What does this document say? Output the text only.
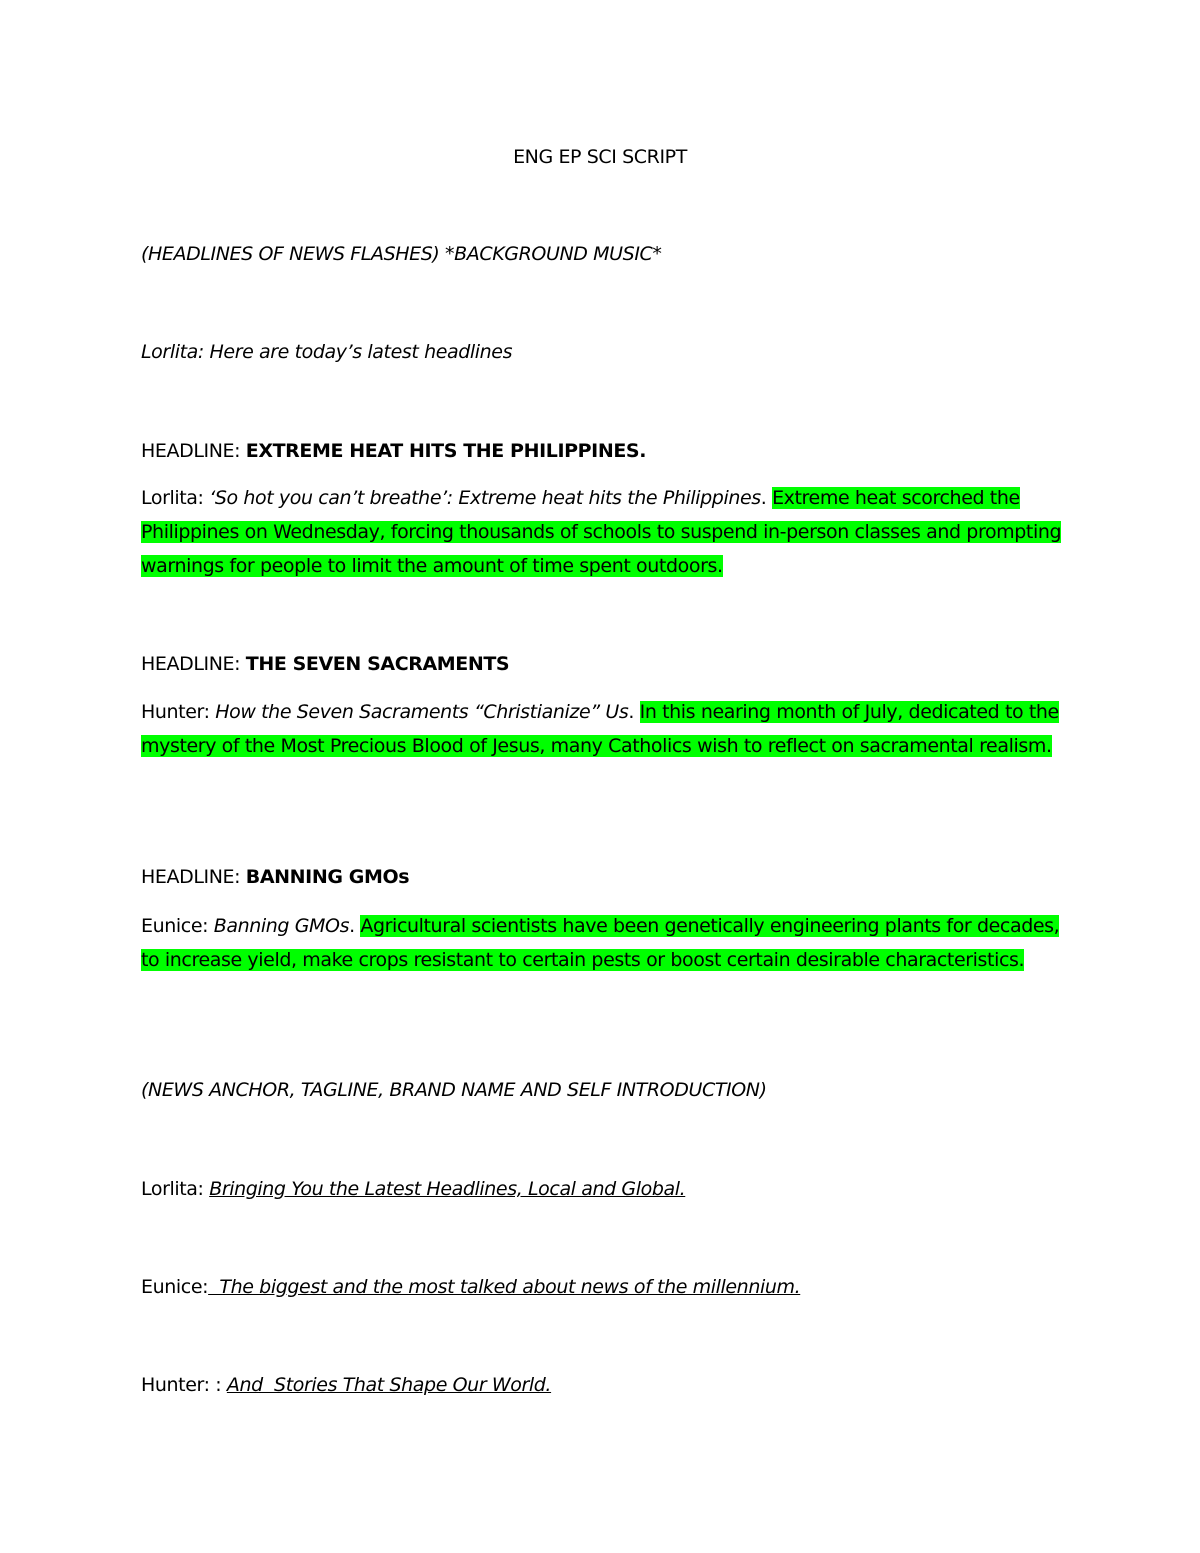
ENG EP SCI SCRIPT
(HEADLINES OF NEWS FLASHES) *BACKGROUND MUSIC*
Lorlita: Here are today’s latest headlines
HEADLINE: EXTREME HEAT HITS THE PHILIPPINES.
Lorlita: ‘So hot you can’t breathe’: Extreme heat hits the Philippines. Extreme heat scorched the Philippines on Wednesday, forcing thousands of schools to suspend in-person classes and prompting warnings for people to limit the amount of time spent outdoors.
HEADLINE: THE SEVEN SACRAMENTS
Hunter: How the Seven Sacraments “Christianize” Us. In this nearing month of July, dedicated to the mystery of the Most Precious Blood of Jesus, many Catholics wish to reflect on sacramental realism.
HEADLINE: BANNING GMOs
Eunice: Banning GMOs. Agricultural scientists have been genetically engineering plants for decades, to increase yield, make crops resistant to certain pests or boost certain desirable characteristics.
(NEWS ANCHOR, TAGLINE, BRAND NAME AND SELF INTRODUCTION)
Lorlita: Bringing You the Latest Headlines, Local and Global.
Eunice:  The biggest and the most talked about news of the millennium.
Hunter: : And  Stories That Shape Our World.
